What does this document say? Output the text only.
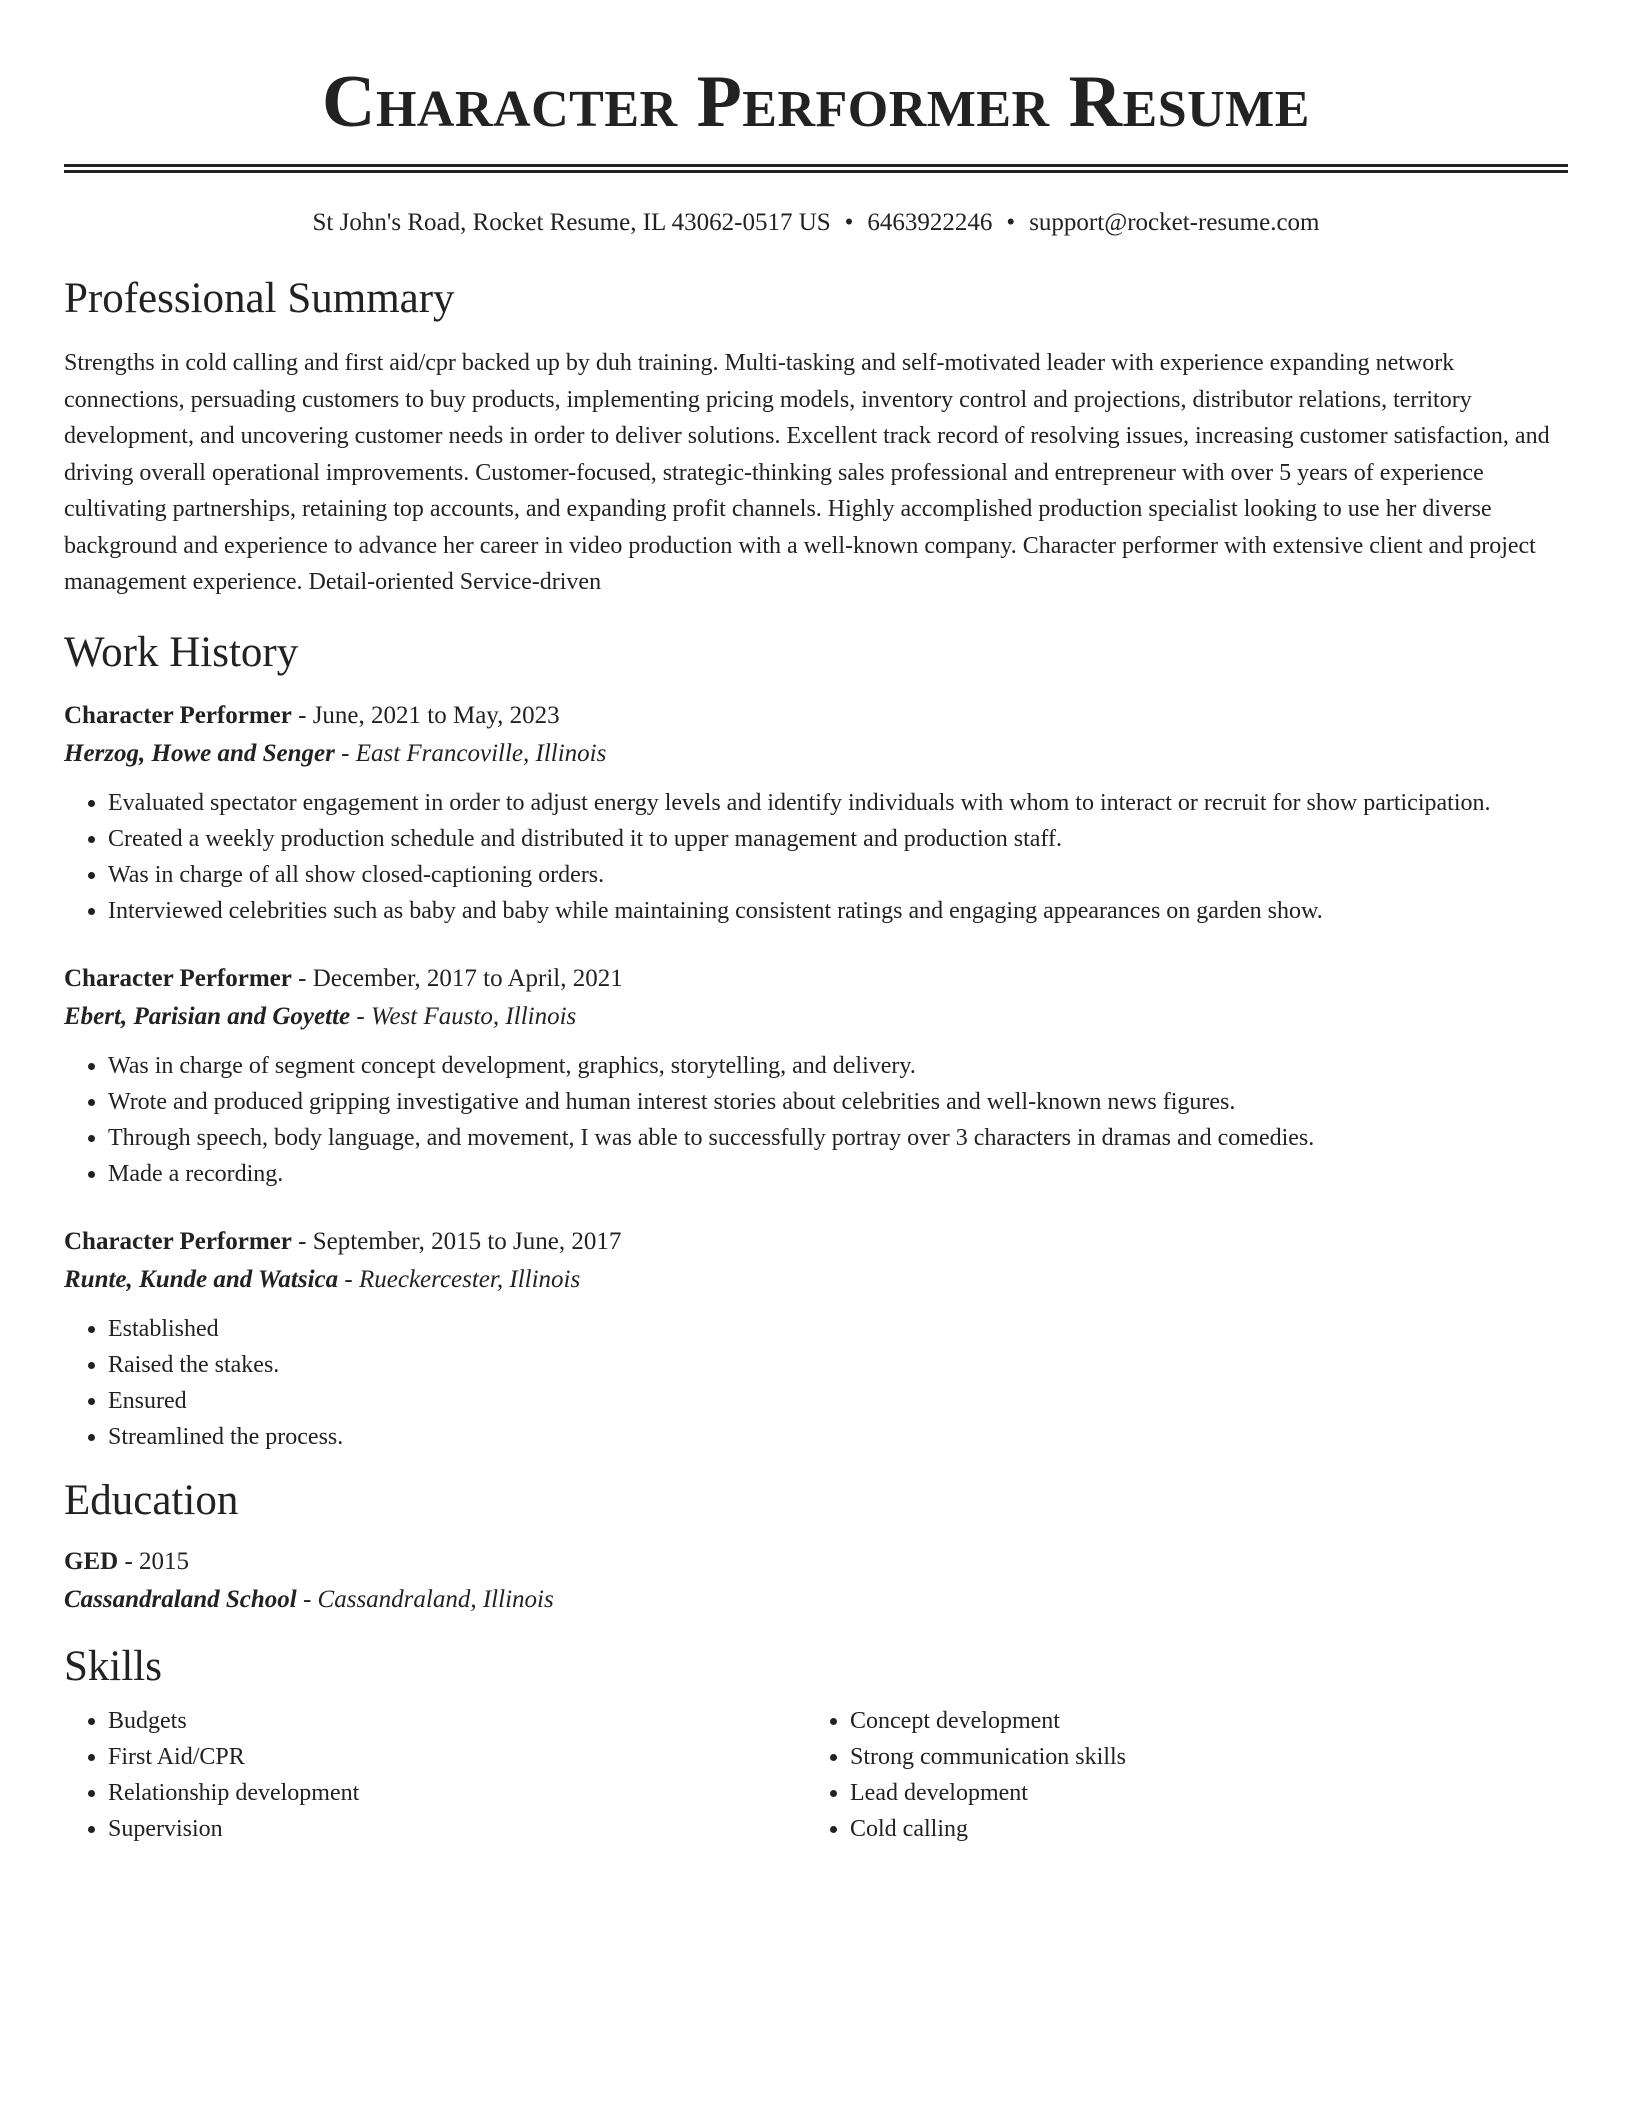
Character Performer Resume
St John's Road, Rocket Resume, IL 43062-0517 US • 6463922246 • support@rocket-resume.com
Professional Summary

Strengths in cold calling and first aid/cpr backed up by duh training. Multi-tasking and self-motivated leader with experience expanding network connections, persuading customers to buy products, implementing pricing models, inventory control and projections, distributor relations, territory development, and uncovering customer needs in order to deliver solutions. Excellent track record of resolving issues, increasing customer satisfaction, and driving overall operational improvements. Customer-focused, strategic-thinking sales professional and entrepreneur with over 5 years of experience cultivating partnerships, retaining top accounts, and expanding profit channels. Highly accomplished production specialist looking to use her diverse background and experience to advance her career in video production with a well-known company. Character performer with extensive client and project management experience. Detail-oriented Service-driven

Work History
Character Performer - June, 2021 to May, 2023
Herzog, Howe and Senger - East Francoville, Illinois
• Evaluated spectator engagement in order to adjust energy levels and identify individuals with whom to interact or recruit for show participation.
• Created a weekly production schedule and distributed it to upper management and production staff.
• Was in charge of all show closed-captioning orders.
• Interviewed celebrities such as baby and baby while maintaining consistent ratings and engaging appearances on garden show.
Character Performer - December, 2017 to April, 2021
Ebert, Parisian and Goyette - West Fausto, Illinois
• Was in charge of segment concept development, graphics, storytelling, and delivery.
• Wrote and produced gripping investigative and human interest stories about celebrities and well-known news figures.
• Through speech, body language, and movement, I was able to successfully portray over 3 characters in dramas and comedies.
• Made a recording.
Character Performer - September, 2015 to June, 2017
Runte, Kunde and Watsica - Rueckercester, Illinois
• Established
• Raised the stakes.
• Ensured
• Streamlined the process.
Education
GED - 2015
Cassandraland School - Cassandraland, Illinois
Skills
• Budgets
• First Aid/CPR
• Relationship development
• Supervision
• Concept development
• Strong communication skills
• Lead development
• Cold calling
